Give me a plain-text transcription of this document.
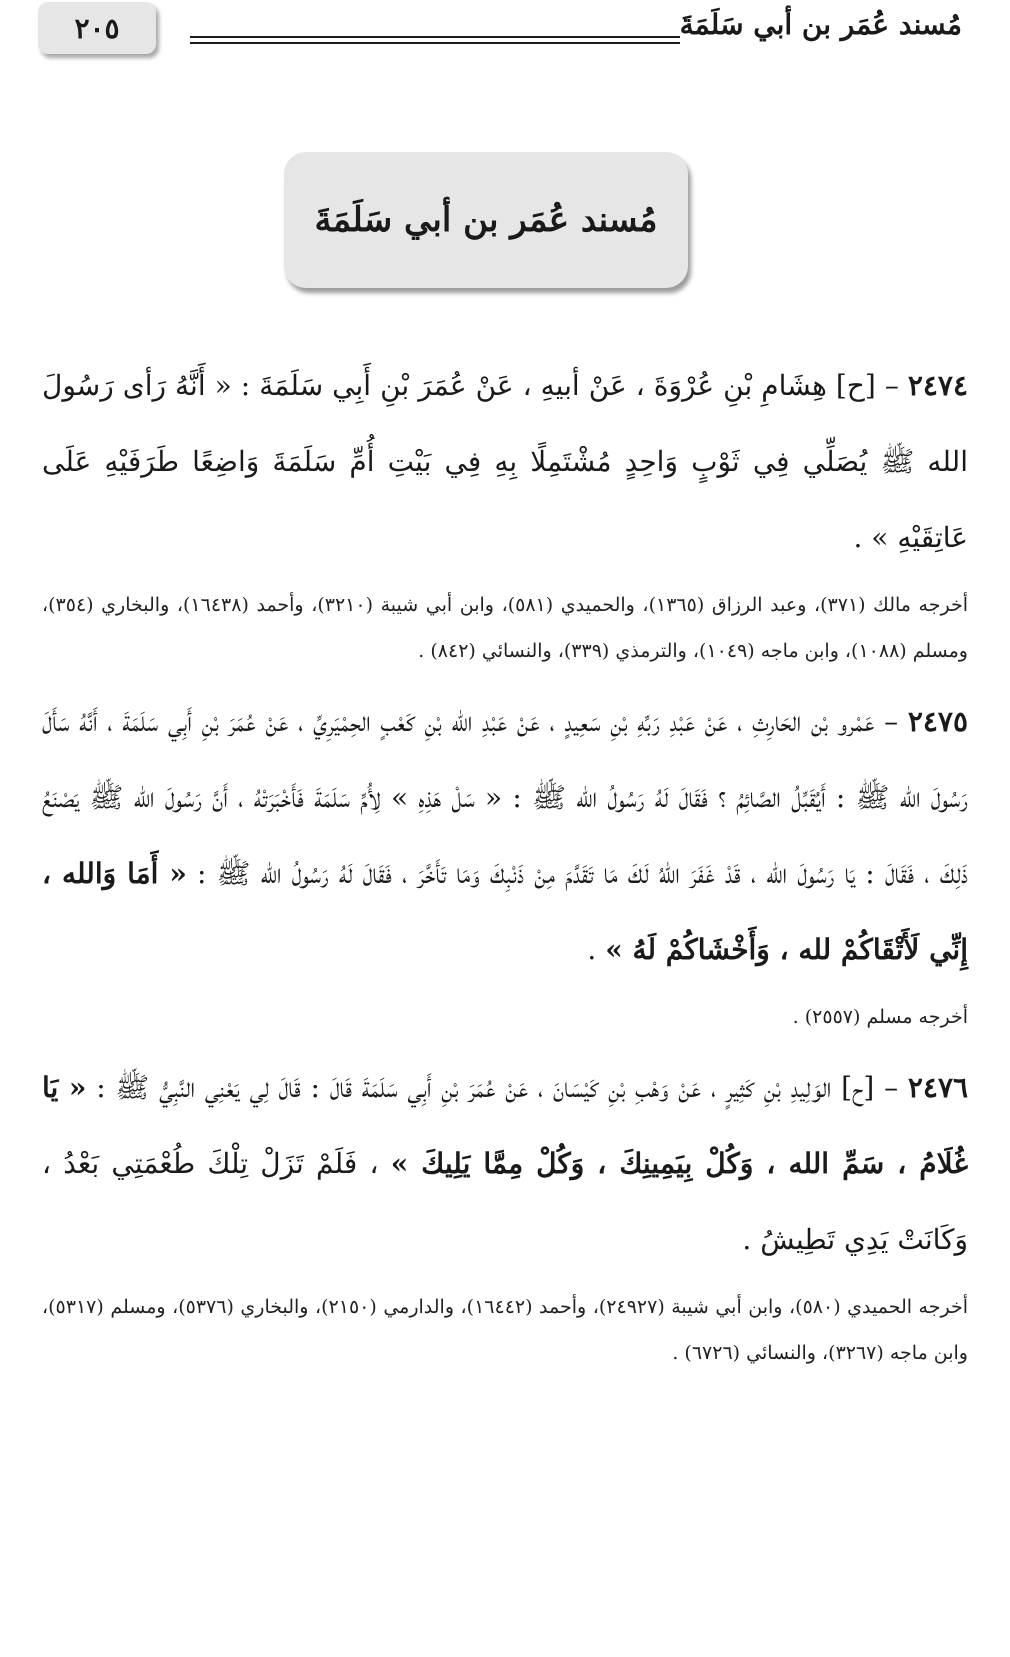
مُسند عُمَر بن أبي سَلَمَةَ
٢٠٥
مُسند عُمَر بن أبي سَلَمَةَ

٢٤٧٤ – [ح] هِشَامِ بْنِ عُرْوَةَ ، عَنْ أبيهِ ، عَنْ عُمَرَ بْنِ أَبِي سَلَمَةَ : « أَنَّهُ رَأى رَسُولَ الله ﷺ يُصَلِّي فِي ثَوْبٍ وَاحِدٍ مُشْتَمِلًا بِهِ فِي بَيْتِ أُمِّ سَلَمَةَ وَاضِعًا طَرَفَيْهِ عَلَى عَاتِقَيْهِ » .

أخرجه مالك (٣٧١)، وعبد الرزاق (١٣٦٥)، والحميدي (٥٨١)، وابن أبي شيبة (٣٢١٠)، وأحمد (١٦٤٣٨)، والبخاري (٣٥٤)، ومسلم (١٠٨٨)، وابن ماجه (١٠٤٩)، والترمذي (٣٣٩)، والنسائي (٨٤٢) .

٢٤٧٥ – عَمْرو بْن الحَارِثِ ، عَنْ عَبْدِ رَبِّهِ بْنِ سَعِيدٍ ، عَنْ عَبْدِ الله بْنِ كَعْبٍ الحِمْيَرِيِّ ، عَنْ عُمَرَ بْنِ أَبِي سَلَمَةَ ، أَنَّهُ سَأَلَ رَسُولَ الله ﷺ : أَيُقَبِّلُ الصَّائِمُ ؟ فَقَالَ لَهُ رَسُولُ الله ﷺ : « سَلْ هَذِهِ » لِأُمِّ سَلَمَةَ فَأَخْبَرَتْهُ ، أَنَّ رَسُولَ الله ﷺ يَصْنَعُ ذَلِكَ ، فَقَالَ : يَا رَسُولَ الله ، قَدْ غَفَرَ اللهُ لَكَ مَا تَقَدَّمَ مِنْ ذَنْبِكَ وَمَا تَأَخَّرَ ، فَقَالَ لَهُ رَسُولُ الله ﷺ : « أَمَا وَالله ، إِنِّي لَأَتْقَاكُمْ لله ، وَأَخْشَاكُمْ لَهُ » .

أخرجه مسلم (٢٥٥٧) .

٢٤٧٦ – [ح] الوَلِيدِ بْنِ كَثِيرٍ ، عَنْ وَهْبِ بْنِ كَيْسَانَ ، عَنْ عُمَرَ بْنِ أَبِي سَلَمَةَ قَالَ : قَالَ لِي يَعْنِي النَّبِيُّ ﷺ : « يَا غُلَامُ ، سَمِّ الله ، وَكُلْ بِيَمِينِكَ ، وَكُلْ مِمَّا يَلِيكَ » ، فَلَمْ تَزَلْ تِلْكَ طُعْمَتِي بَعْدُ ، وَكَانَتْ يَدِي تَطِيشُ .

أخرجه الحميدي (٥٨٠)، وابن أبي شيبة (٢٤٩٢٧)، وأحمد (١٦٤٤٢)، والدارمي (٢١٥٠)، والبخاري (٥٣٧٦)، ومسلم (٥٣١٧)، وابن ماجه (٣٢٦٧)، والنسائي (٦٧٢٦) .
